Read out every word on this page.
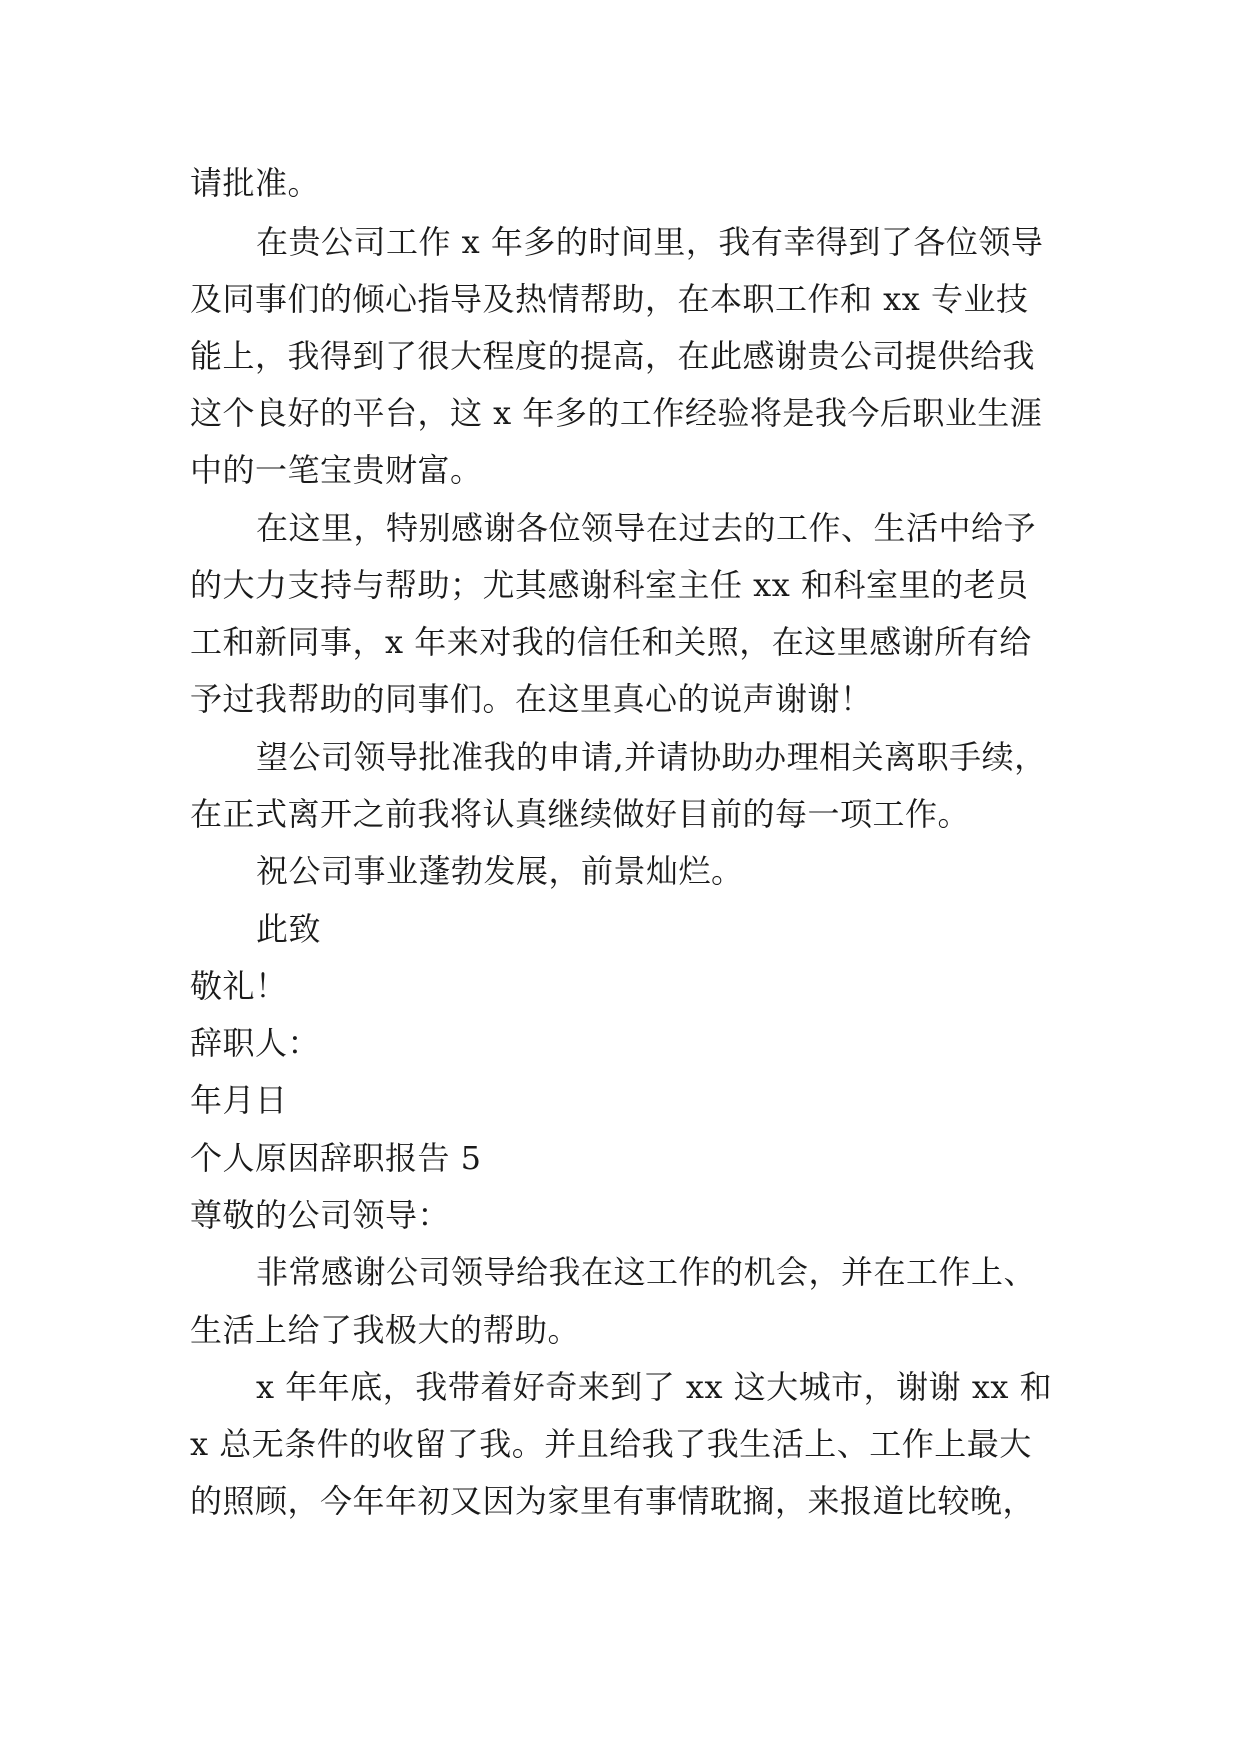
请批准。
在贵公司工作 x 年多的时间里，我有幸得到了各位领导
及同事们的倾心指导及热情帮助，在本职工作和 xx 专业技
能上，我得到了很大程度的提高，在此感谢贵公司提供给我
这个良好的平台，这 x 年多的工作经验将是我今后职业生涯
中的一笔宝贵财富。
在这里，特别感谢各位领导在过去的工作、生活中给予
的大力支持与帮助；尤其感谢科室主任 xx 和科室里的老员
工和新同事，x 年来对我的信任和关照，在这里感谢所有给
予过我帮助的同事们。在这里真心的说声谢谢！
望公司领导批准我的申请,并请协助办理相关离职手续，
在正式离开之前我将认真继续做好目前的每一项工作。
祝公司事业蓬勃发展，前景灿烂。
此致
敬礼！
辞职人：
年月日
个人原因辞职报告 5
尊敬的公司领导：
非常感谢公司领导给我在这工作的机会，并在工作上、
生活上给了我极大的帮助。
x 年年底，我带着好奇来到了 xx 这大城市，谢谢 xx 和
x 总无条件的收留了我。并且给我了我生活上、工作上最大
的照顾，今年年初又因为家里有事情耽搁，来报道比较晚，
